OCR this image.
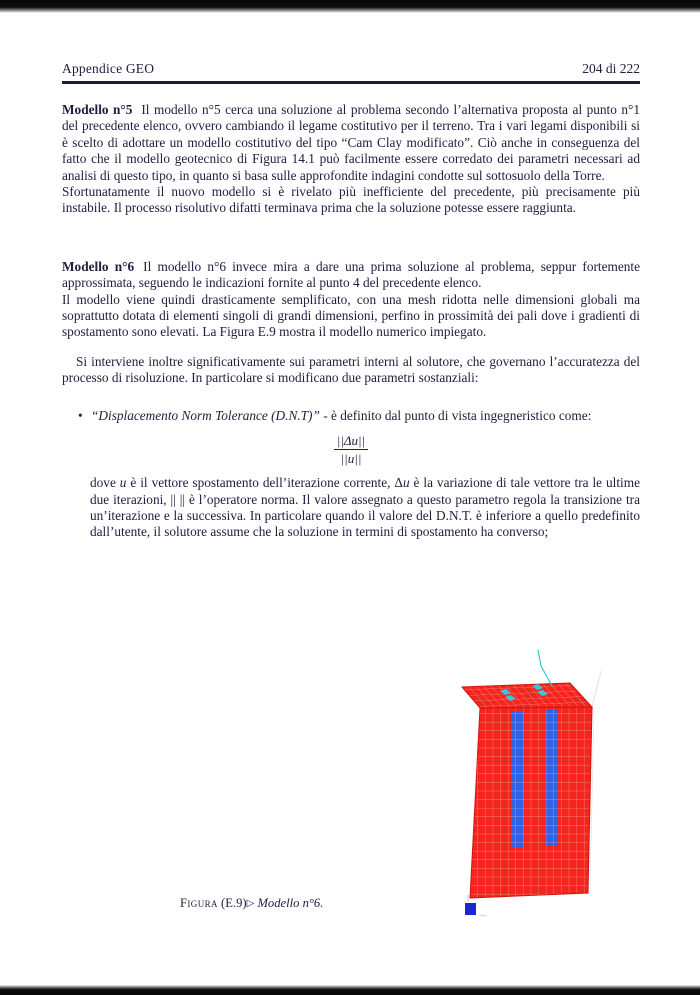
Appendice GEO	204 di 222
Modello n°5 Il modello n°5 cerca una soluzione al problema secondo l’alternativa proposta al punto n°1 del precedente elenco, ovvero cambiando il legame costitutivo per il terreno. Tra i vari legami disponibili si è scelto di adottare un modello costitutivo del tipo “Cam Clay modificato”. Ciò anche in conseguenza del fatto che il modello geotecnico di Figura 14.1 può facilmente essere corredato dei parametri necessari ad analisi di questo tipo, in quanto si basa sulle approfondite indagini condotte sul sottosuolo della Torre.
Sfortunatamente il nuovo modello si è rivelato più inefficiente del precedente, più precisamente più instabile. Il processo risolutivo difatti terminava prima che la soluzione potesse essere raggiunta.
Modello n°6 Il modello n°6 invece mira a dare una prima soluzione al problema, seppur fortemente approssimata, seguendo le indicazioni fornite al punto 4 del precedente elenco.
Il modello viene quindi drasticamente semplificato, con una mesh ridotta nelle dimensioni globali ma soprattutto dotata di elementi singoli di grandi dimensioni, perfino in prossimità dei pali dove i gradienti di spostamento sono elevati. La Figura E.9 mostra il modello numerico impiegato.
Si interviene inoltre significativamente sui parametri interni al solutore, che governano l’accuratezza del processo di risoluzione. In particolare si modificano due parametri sostanziali:
• “Displacemento Norm Tolerance (D.N.T)” - è definito dal punto di vista ingegneristico come:
||Δu||
||u||
dove u è il vettore spostamento dell’iterazione corrente, Δu è la variazione di tale vettore tra le ultime due iterazioni, || || è l’operatore norma. Il valore assegnato a questo parametro regola la transizione tra un’iterazione e la successiva. In particolare quando il valore del D.N.T. è inferiore a quello predefinito dall’utente, il solutore assume che la soluzione in termini di spostamento ha converso;
Figura (E.9)▷ Modello n°6.
